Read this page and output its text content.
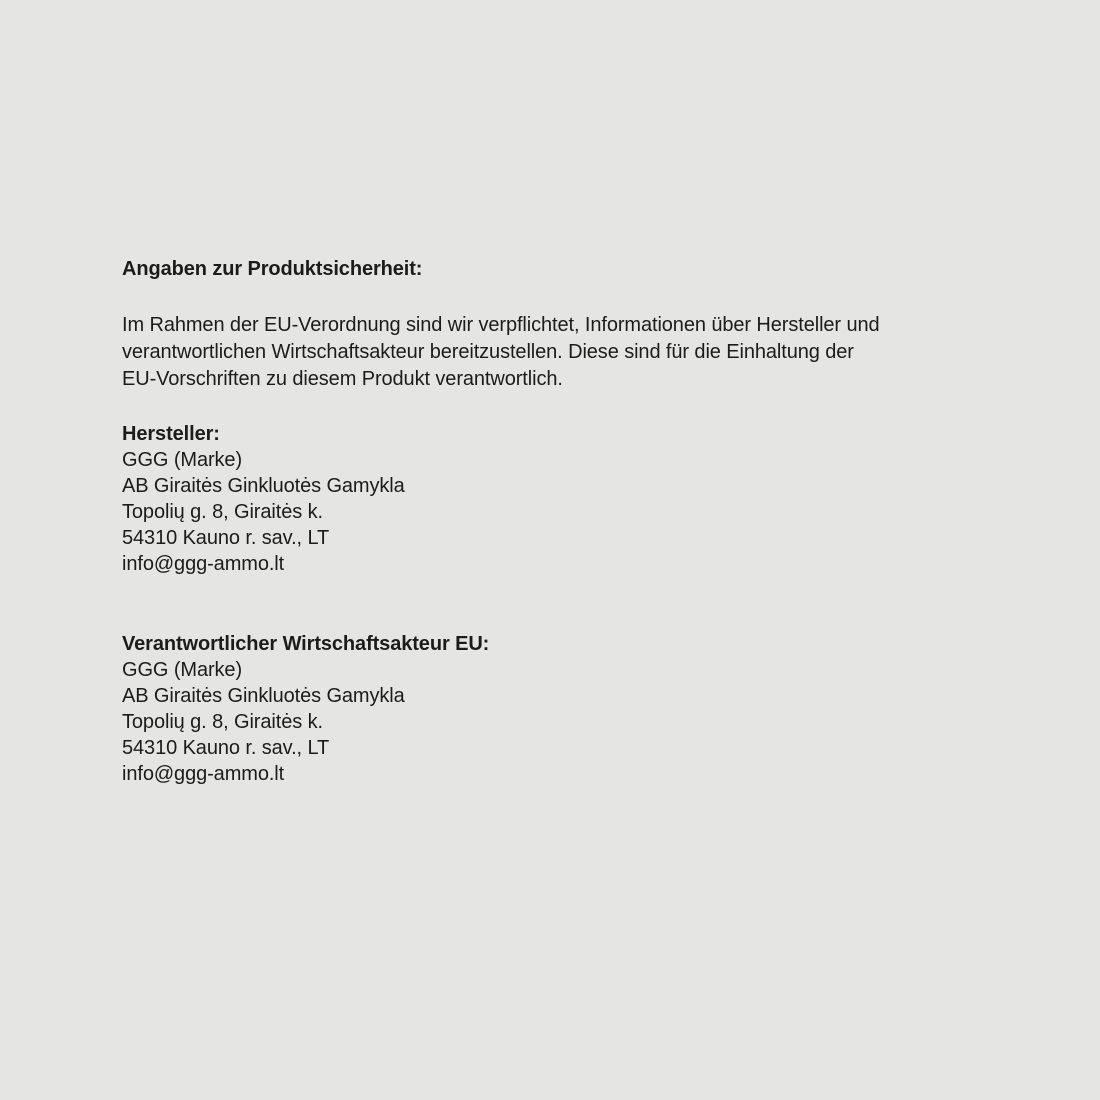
Angaben zur Produktsicherheit:
Im Rahmen der EU-Verordnung sind wir verpflichtet, Informationen über Hersteller und
verantwortlichen Wirtschaftsakteur bereitzustellen. Diese sind für die Einhaltung der
EU-Vorschriften zu diesem Produkt verantwortlich.
Hersteller:
GGG (Marke)
AB Giraitės Ginkluotės Gamykla
Topolių g. 8, Giraitės k.
54310 Kauno r. sav., LT
info@ggg-ammo.lt
Verantwortlicher Wirtschaftsakteur EU:
GGG (Marke)
AB Giraitės Ginkluotės Gamykla
Topolių g. 8, Giraitės k.
54310 Kauno r. sav., LT
info@ggg-ammo.lt
